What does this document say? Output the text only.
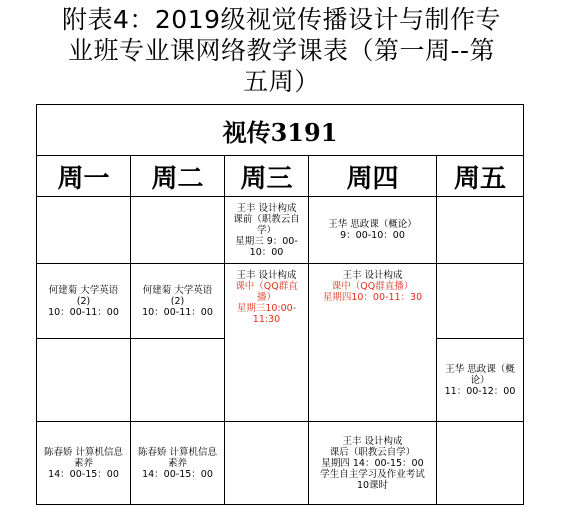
附表4：2019级视觉传播设计与制作专
业班专业课网络教学课表（第一周--第
五周）
视传3191				
周一	周二	周三	周四	周五

		王丰 设计构成
课前（职教云自
学）
星期三 9：00-
10：00	王华 思政课（概论）
9：00-10：00	

何建菊 大学英语
(2)
10：00-11：00	何建菊 大学英语
(2)
10：00-11：00	王丰 设计构成
课中（QQ群直
播）
星期三10:00-
11:30	王丰 设计构成
课中（QQ群直播）
星期四10：00-11：30	

				王华 思政课（概
论）
11：00-12：00

陈春娇 计算机信息
素养
14：00-15：00	陈春娇 计算机信息
素养
14：00-15：00		王丰 设计构成
课后（职教云自学）
星期四 14：00-15：00
学生自主学习及作业考试
10课时	
